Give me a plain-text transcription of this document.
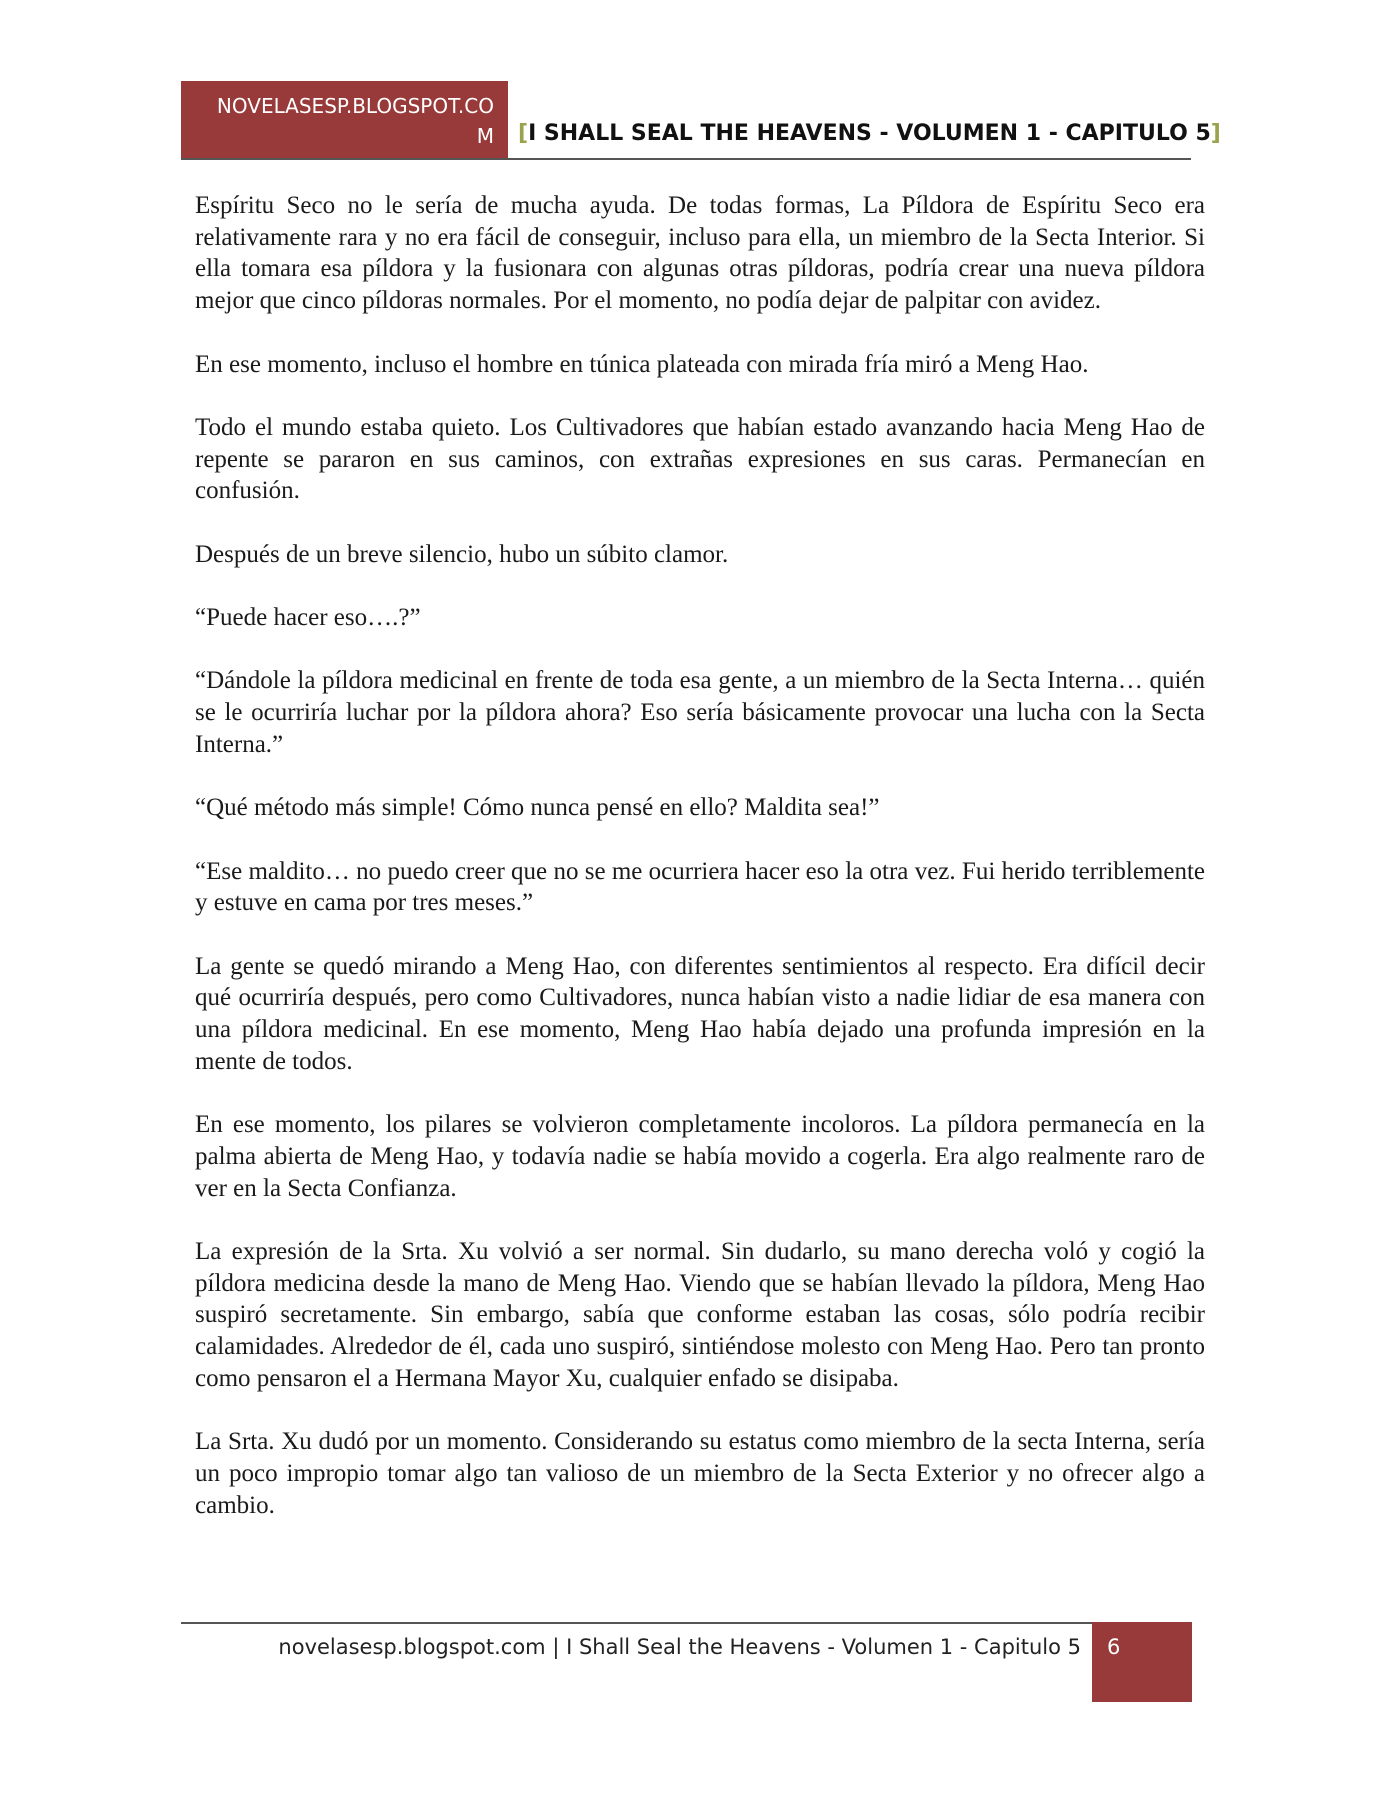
NOVELASESP.BLOGSPOT.COM	[I SHALL SEAL THE HEAVENS - VOLUMEN 1 - CAPITULO 5]

Espíritu Seco no le sería de mucha ayuda. De todas formas, La Píldora de Espíritu Seco era relativamente rara y no era fácil de conseguir, incluso para ella, un miembro de la Secta Interior. Si ella tomara esa píldora y la fusionara con algunas otras píldoras, podría crear una nueva píldora mejor que cinco píldoras normales. Por el momento, no podía dejar de palpitar con avidez.

En ese momento, incluso el hombre en túnica plateada con mirada fría miró a Meng Hao.

Todo el mundo estaba quieto. Los Cultivadores que habían estado avanzando hacia Meng Hao de repente se pararon en sus caminos, con extrañas expresiones en sus caras. Permanecían en confusión.

Después de un breve silencio, hubo un súbito clamor.

“Puede hacer eso….?”

“Dándole la píldora medicinal en frente de toda esa gente, a un miembro de la Secta Interna… quién se le ocurriría luchar por la píldora ahora? Eso sería básicamente provocar una lucha con la Secta Interna.”

“Qué método más simple! Cómo nunca pensé en ello? Maldita sea!”

“Ese maldito… no puedo creer que no se me ocurriera hacer eso la otra vez. Fui herido terriblemente y estuve en cama por tres meses.”

La gente se quedó mirando a Meng Hao, con diferentes sentimientos al respecto. Era difícil decir qué ocurriría después, pero como Cultivadores, nunca habían visto a nadie lidiar de esa manera con una píldora medicinal. En ese momento, Meng Hao había dejado una profunda impresión en la mente de todos.

En ese momento, los pilares se volvieron completamente incoloros. La píldora permanecía en la palma abierta de Meng Hao, y todavía nadie se había movido a cogerla. Era algo realmente raro de ver en la Secta Confianza.

La expresión de la Srta. Xu volvió a ser normal. Sin dudarlo, su mano derecha voló y cogió la píldora medicina desde la mano de Meng Hao. Viendo que se habían llevado la píldora, Meng Hao suspiró secretamente. Sin embargo, sabía que conforme estaban las cosas, sólo podría recibir calamidades. Alrededor de él, cada uno suspiró, sintiéndose molesto con Meng Hao. Pero tan pronto como pensaron el a Hermana Mayor Xu, cualquier enfado se disipaba.

La Srta. Xu dudó por un momento. Considerando su estatus como miembro de la secta Interna, sería un poco impropio tomar algo tan valioso de un miembro de la Secta Exterior y no ofrecer algo a cambio.

novelasesp.blogspot.com | I Shall Seal the Heavens - Volumen 1 - Capitulo 5	6
